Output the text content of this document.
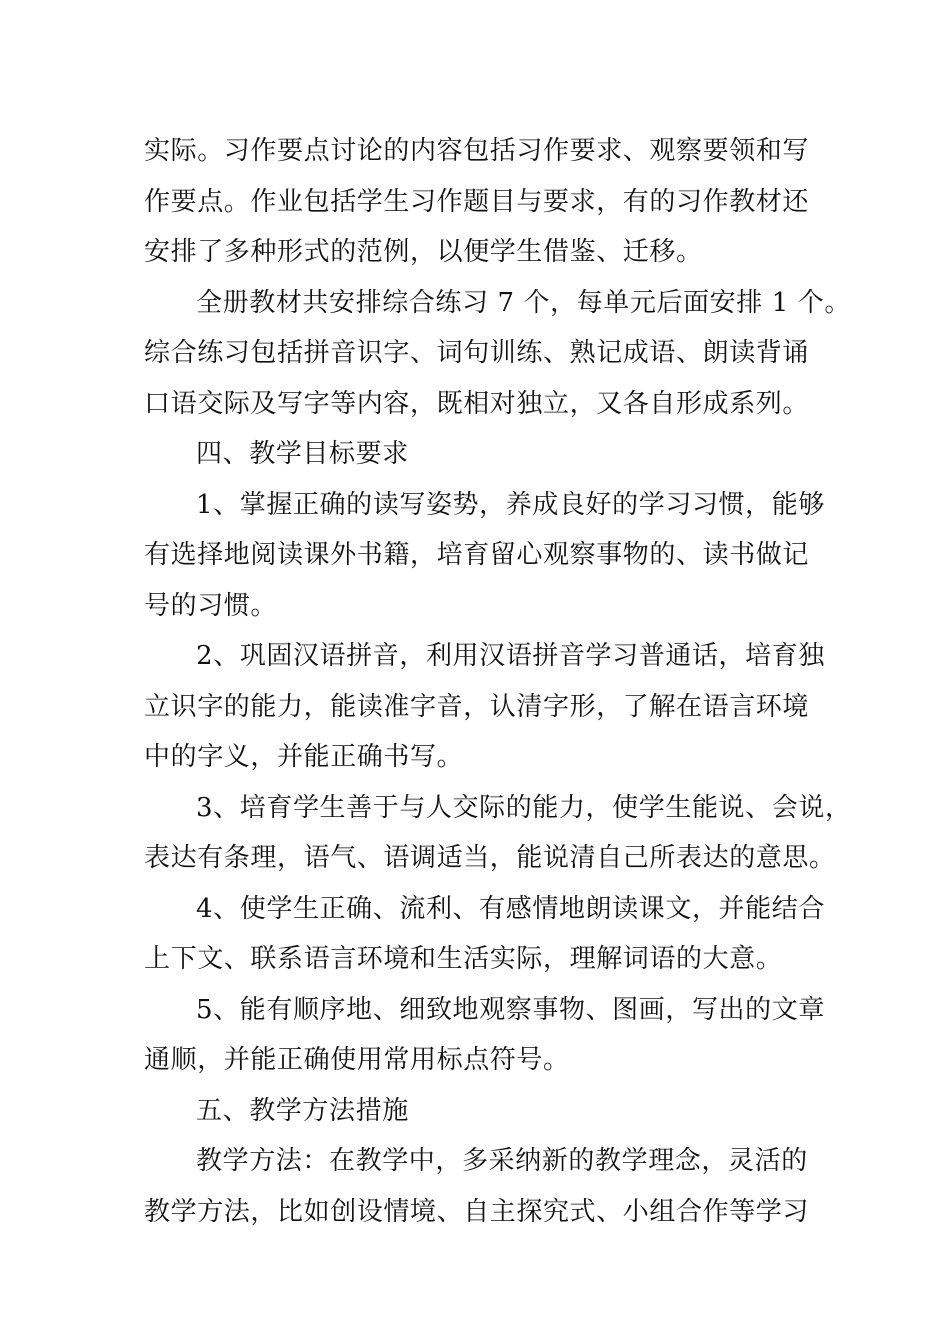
实际。习作要点讨论的内容包括习作要求、观察要领和写
作要点。作业包括学生习作题目与要求，有的习作教材还
安排了多种形式的范例，以便学生借鉴、迁移。
全册教材共安排综合练习 7 个，每单元后面安排 1 个。
综合练习包括拼音识字、词句训练、熟记成语、朗读背诵
口语交际及写字等内容，既相对独立，又各自形成系列。
四、教学目标要求
1、掌握正确的读写姿势，养成良好的学习习惯，能够
有选择地阅读课外书籍，培育留心观察事物的、读书做记
号的习惯。
2、巩固汉语拼音，利用汉语拼音学习普通话，培育独
立识字的能力，能读准字音，认清字形，了解在语言环境
中的字义，并能正确书写。
3、培育学生善于与人交际的能力，使学生能说、会说，
表达有条理，语气、语调适当，能说清自己所表达的意思。
4、使学生正确、流利、有感情地朗读课文，并能结合
上下文、联系语言环境和生活实际，理解词语的大意。
5、能有顺序地、细致地观察事物、图画，写出的文章
通顺，并能正确使用常用标点符号。
五、教学方法措施
教学方法：在教学中，多采纳新的教学理念，灵活的
教学方法，比如创设情境、自主探究式、小组合作等学习
